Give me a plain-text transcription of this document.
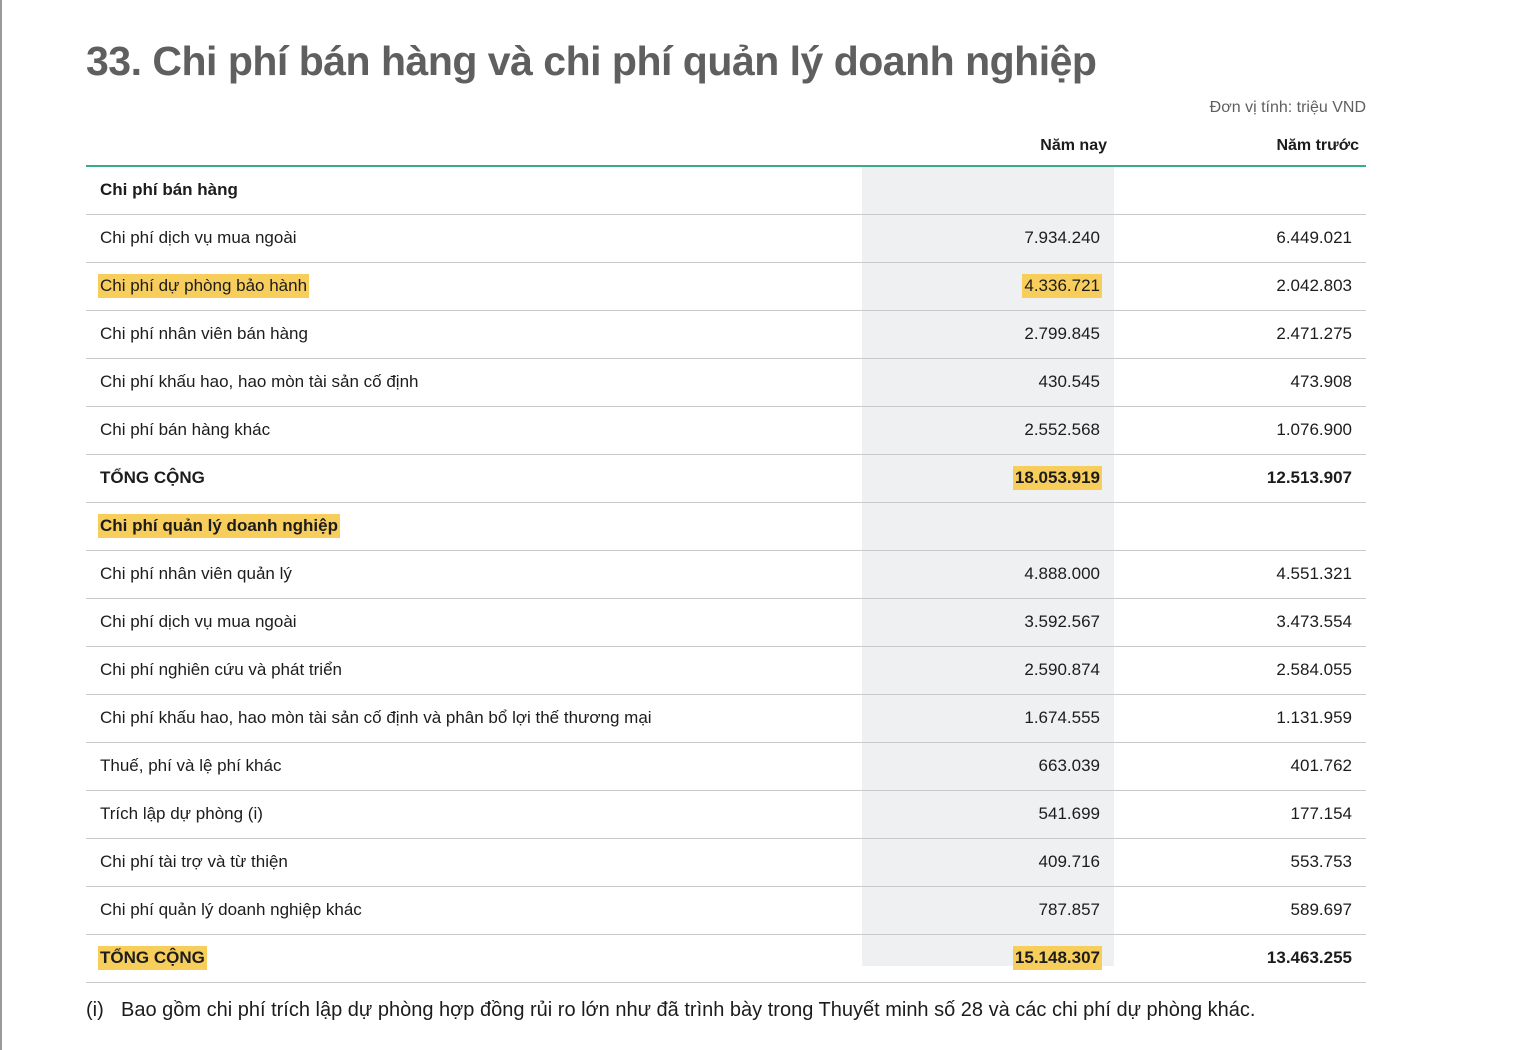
33. Chi phí bán hàng và chi phí quản lý doanh nghiệp
Đơn vị tính: triệu VND
Năm nay	Năm trước
Chi phí bán hàng
Chi phí dịch vụ mua ngoài	7.934.240	6.449.021
Chi phí dự phòng bảo hành	4.336.721	2.042.803
Chi phí nhân viên bán hàng	2.799.845	2.471.275
Chi phí khấu hao, hao mòn tài sản cố định	430.545	473.908
Chi phí bán hàng khác	2.552.568	1.076.900
TỔNG CỘNG	18.053.919	12.513.907
Chi phí quản lý doanh nghiệp
Chi phí nhân viên quản lý	4.888.000	4.551.321
Chi phí dịch vụ mua ngoài	3.592.567	3.473.554
Chi phí nghiên cứu và phát triển	2.590.874	2.584.055
Chi phí khấu hao, hao mòn tài sản cố định và phân bổ lợi thế thương mại	1.674.555	1.131.959
Thuế, phí và lệ phí khác	663.039	401.762
Trích lập dự phòng (i)	541.699	177.154
Chi phí tài trợ và từ thiện	409.716	553.753
Chi phí quản lý doanh nghiệp khác	787.857	589.697
TỔNG CỘNG	15.148.307	13.463.255
(i) Bao gồm chi phí trích lập dự phòng hợp đồng rủi ro lớn như đã trình bày trong Thuyết minh số 28 và các chi phí dự phòng khác.
